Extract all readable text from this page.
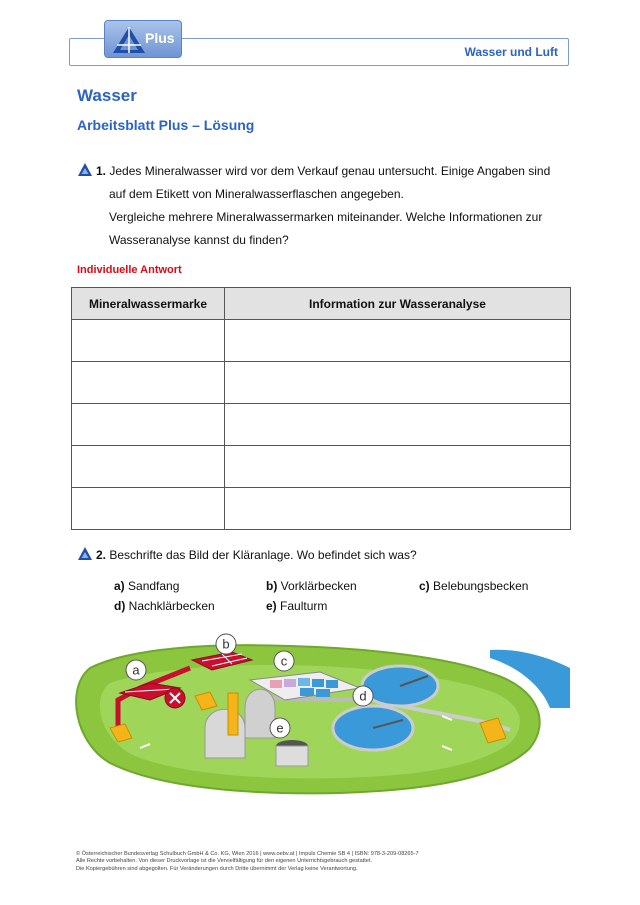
Wasser und Luft
Plus
Wasser
Arbeitsblatt Plus – Lösung
1. Jedes Mineralwasser wird vor dem Verkauf genau untersucht. Einige Angaben sind
auf dem Etikett von Mineralwasserflaschen angegeben.
Vergleiche mehrere Mineralwassermarken miteinander. Welche Informationen zur
Wasseranalyse kannst du finden?
Individuelle Antwort
Mineralwassermarke	Information zur Wasseranalyse

2. Beschrifte das Bild der Kläranlage. Wo befindet sich was?
a) Sandfang	b) Vorklärbecken	c) Belebungsbecken
d) Nachklärbecken	e) Faulturm
a
b
c
d
e
© Österreichischer Bundesverlag Schulbuch GmbH & Co. KG, Wien 2016 | www.oebv.at | Impuls Chemie SB 4 | ISBN: 978-3-209-08265-7
Alle Rechte vorbehalten. Von dieser Druckvorlage ist die Vervielfältigung für den eigenen Unterrichtsgebrauch gestattet.
Die Kopiergebühren sind abgegolten. Für Veränderungen durch Dritte übernimmt der Verlag keine Verantwortung.
